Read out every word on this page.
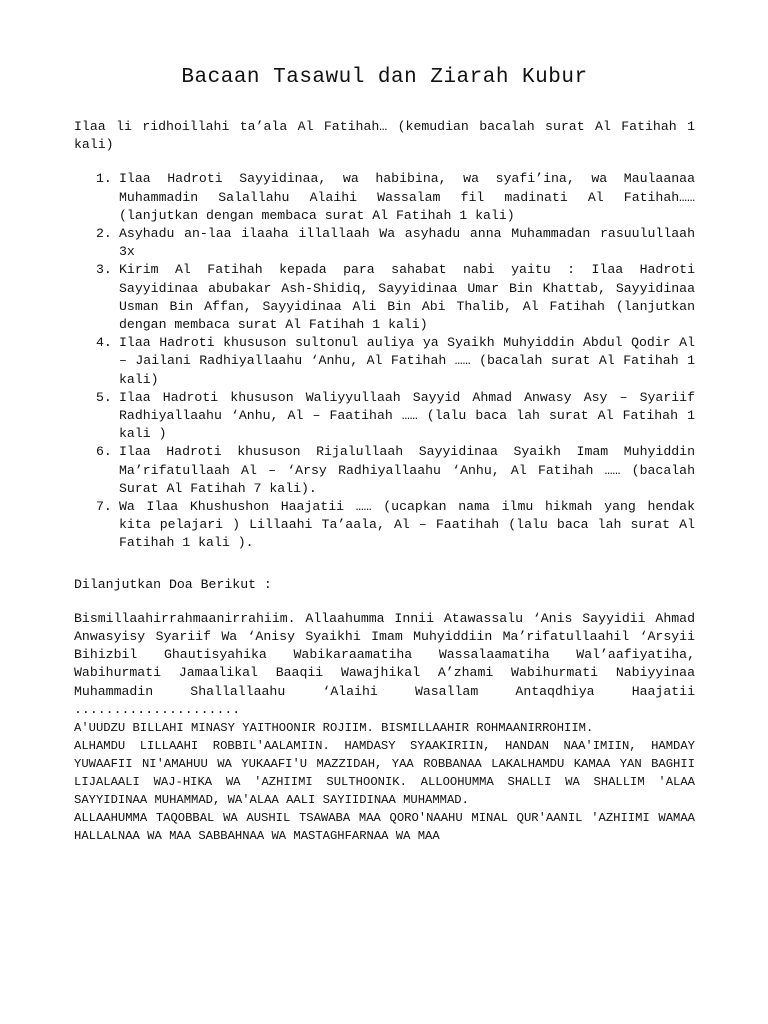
Bacaan Tasawul dan Ziarah Kubur

Ilaa li ridhoillahi ta’ala Al Fatihah… (kemudian bacalah surat Al Fatihah 1 kali)

1. Ilaa Hadroti Sayyidinaa, wa habibina, wa syafi’ina, wa Maulaanaa Muhammadin Salallahu Alaihi Wassalam fil madinati Al Fatihah…… (lanjutkan dengan membaca surat Al Fatihah 1 kali)
2. Asyhadu an-laa ilaaha illallaah Wa asyhadu anna Muhammadan rasuulullaah 3x
3. Kirim Al Fatihah kepada para sahabat nabi yaitu : Ilaa Hadroti Sayyidinaa abubakar Ash-Shidiq, Sayyidinaa Umar Bin Khattab, Sayyidinaa Usman Bin Affan, Sayyidinaa Ali Bin Abi Thalib, Al Fatihah (lanjutkan dengan membaca surat Al Fatihah 1 kali)
4. Ilaa Hadroti khususon sultonul auliya ya Syaikh Muhyiddin Abdul Qodir Al – Jailani Radhiyallaahu ‘Anhu, Al Fatihah …… (bacalah surat Al Fatihah 1 kali)
5. Ilaa Hadroti khususon Waliyyullaah Sayyid Ahmad Anwasy Asy – Syariif Radhiyallaahu ‘Anhu, Al – Faatihah …… (lalu baca lah surat Al Fatihah 1 kali )
6. Ilaa Hadroti khususon Rijalullaah Sayyidinaa Syaikh Imam Muhyiddin Ma’rifatullaah Al – ‘Arsy Radhiyallaahu ‘Anhu, Al Fatihah …… (bacalah Surat Al Fatihah 7 kali).
7. Wa Ilaa Khushushon Haajatii …… (ucapkan nama ilmu hikmah yang hendak kita pelajari ) Lillaahi Ta’aala, Al – Faatihah (lalu baca lah surat Al Fatihah 1 kali ).

Dilanjutkan Doa Berikut :

Bismillaahirrahmaanirrahiim. Allaahumma Innii Atawassalu ‘Anis Sayyidii Ahmad Anwasyisy Syariif Wa ‘Anisy Syaikhi Imam Muhyiddiin Ma’rifatullaahil ‘Arsyii Bihizbil Ghautisyahika Wabikaraamatiha Wassalaamatiha Wal’aafiyatiha, Wabihurmati Jamaalikal Baaqii Wawajhikal A’zhami Wabihurmati Nabiyyinaa Muhammadin Shallallaahu ‘Alaihi Wasallam Antaqdhiya Haajatii .....................

A'UUDZU BILLAHI MINASY YAITHOONIR ROJIIM. BISMILLAAHIR ROHMAANIRROHIIM.

ALHAMDU LILLAAHI ROBBIL'AALAMIIN. HAMDASY SYAAKIRIIN, HANDAN NAA'IMIIN, HAMDAY YUWAAFII NI'AMAHUU WA YUKAAFI'U MAZZIDAH, YAA ROBBANAA LAKALHAMDU KAMAA YAN BAGHII LIJALAALI WAJ-HIKA WA 'AZHIIMI SULTHOONIK. ALLOOHUMMA SHALLI WA SHALLIM 'ALAA SAYYIDINAA MUHAMMAD, WA'ALAA AALI SAYIIDINAA MUHAMMAD.

ALLAAHUMMA TAQOBBAL WA AUSHIL TSAWABA MAA QORO'NAAHU MINAL QUR'AANIL 'AZHIIMI WAMAA HALLALNAA WA MAA SABBAHNAA WA MASTAGHFARNAA WA MAA
